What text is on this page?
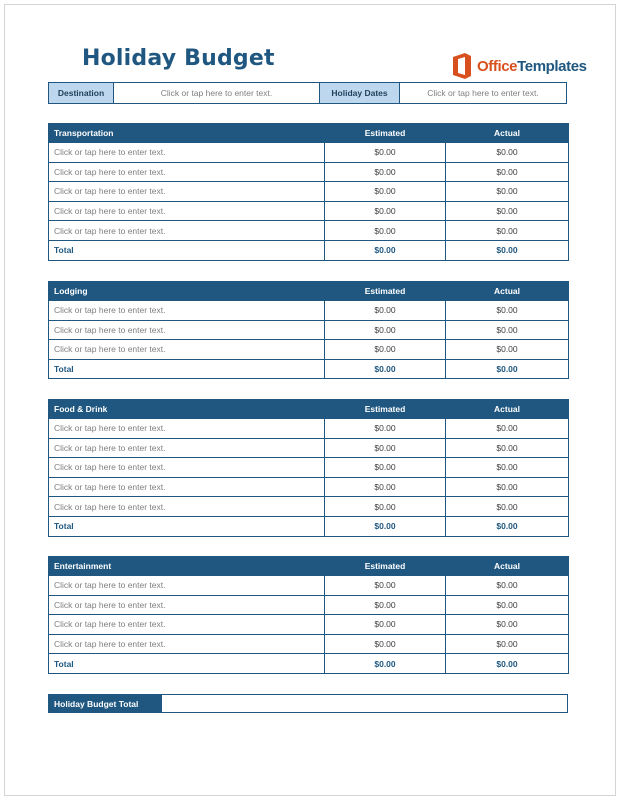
Holiday Budget	OfficeTemplates
Destination	Click or tap here to enter text.	Holiday Dates	Click or tap here to enter text.
Transportation	Estimated	Actual
Click or tap here to enter text.	$0.00	$0.00
Click or tap here to enter text.	$0.00	$0.00
Click or tap here to enter text.	$0.00	$0.00
Click or tap here to enter text.	$0.00	$0.00
Click or tap here to enter text.	$0.00	$0.00
Total	$0.00	$0.00
Lodging	Estimated	Actual
Click or tap here to enter text.	$0.00	$0.00
Click or tap here to enter text.	$0.00	$0.00
Click or tap here to enter text.	$0.00	$0.00
Total	$0.00	$0.00
Food & Drink	Estimated	Actual
Click or tap here to enter text.	$0.00	$0.00
Click or tap here to enter text.	$0.00	$0.00
Click or tap here to enter text.	$0.00	$0.00
Click or tap here to enter text.	$0.00	$0.00
Click or tap here to enter text.	$0.00	$0.00
Total	$0.00	$0.00
Entertainment	Estimated	Actual
Click or tap here to enter text.	$0.00	$0.00
Click or tap here to enter text.	$0.00	$0.00
Click or tap here to enter text.	$0.00	$0.00
Click or tap here to enter text.	$0.00	$0.00
Total	$0.00	$0.00
Holiday Budget Total
